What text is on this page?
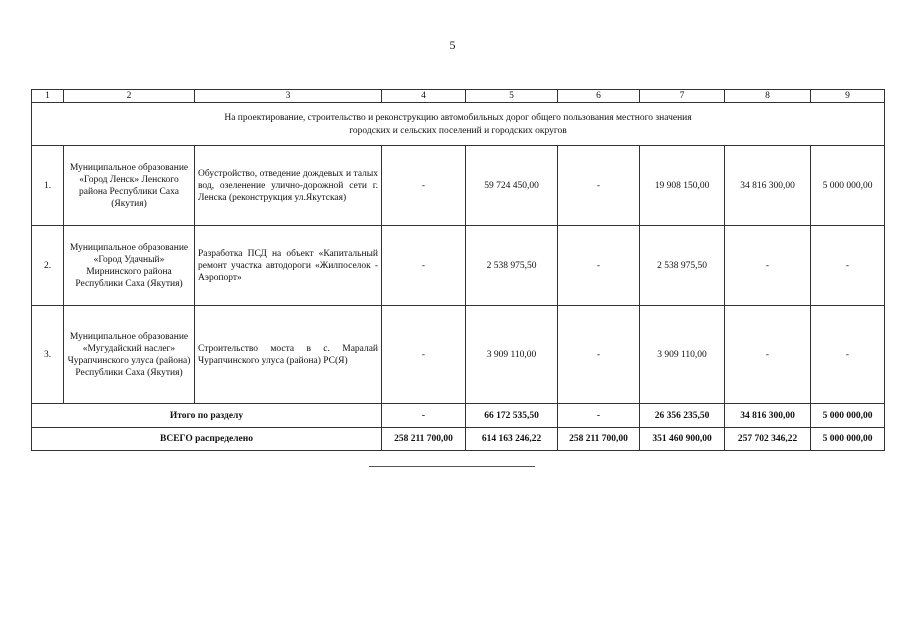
5
1	2	3	4	5	6	7	8	9

На проектирование, строительство и реконструкцию автомобильных дорог общего пользования местного значения
городских и сельских поселений и городских округов								

1.	Муниципальное образование «Город Ленск» Ленского района Республики Саха (Якутия)	Обустройство, отведение дождевых и талых вод, озеленение улично-дорожной сети г. Ленска (реконструкция ул.Якутская)	-	59 724 450,00	-	19 908 150,00	34 816 300,00	5 000 000,00
2.	Муниципальное образование «Город Удачный» Мирнинского района Республики Саха (Якутия)	Разработка ПСД на объект «Капитальный ремонт участка автодороги «Жилпоселок - Аэропорт»	-	2 538 975,50	-	2 538 975,50	-	-
3.	Муниципальное образование «Мугудайский наслег» Чурапчинского улуса (района) Республики Саха (Якутия)	Строительство моста в с. Маралай Чурапчинского улуса (района) РС(Я)	-	3 909 110,00	-	3 909 110,00	-	-
Итого по разделу			-	66 172 535,50	-	26 356 235,50	34 816 300,00	5 000 000,00
ВСЕГО распределено			258 211 700,00	614 163 246,22	258 211 700,00	351 460 900,00	257 702 346,22	5 000 000,00
